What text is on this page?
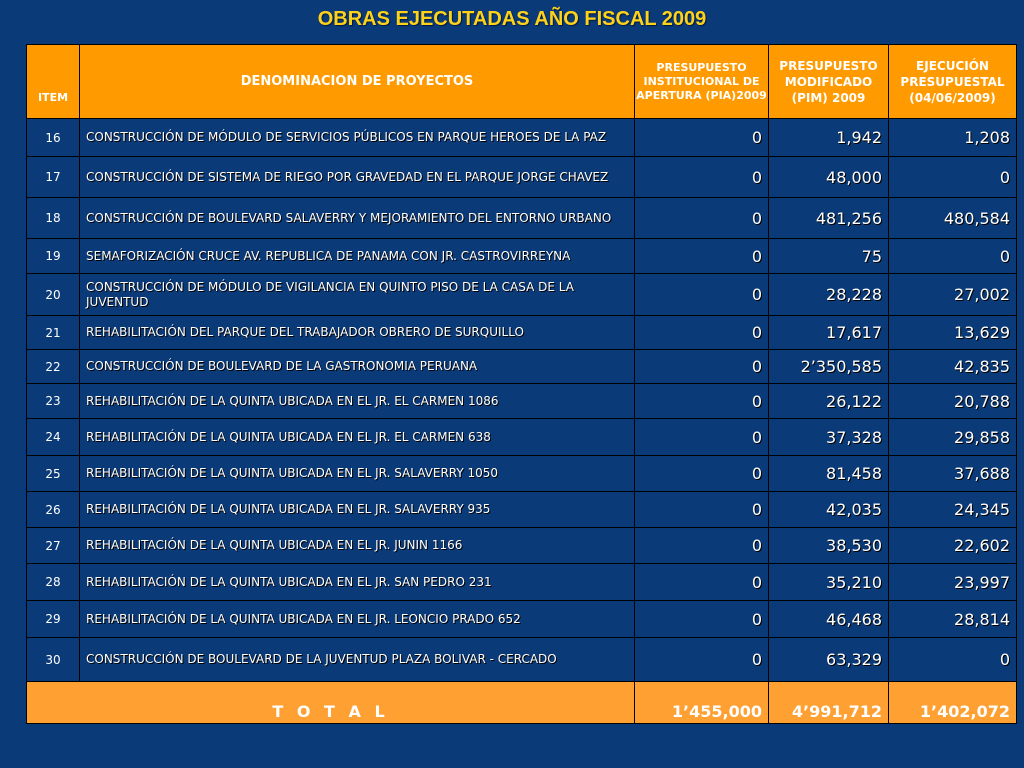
OBRAS EJECUTADAS AÑO FISCAL 2009
ITEM	DENOMINACION DE PROYECTOS	PRESUPUESTO INSTITUCIONAL DE APERTURA (PIA)2009	PRESUPUESTO MODIFICADO (PIM) 2009	EJECUCIÓN PRESUPUESTAL (04/06/2009)
16	CONSTRUCCIÓN DE MÓDULO DE SERVICIOS PÚBLICOS EN PARQUE HEROES DE LA PAZ	0	1,942	1,208
17	CONSTRUCCIÓN DE SISTEMA DE RIEGO POR GRAVEDAD EN EL PARQUE JORGE CHAVEZ	0	48,000	0
18	CONSTRUCCIÓN DE BOULEVARD SALAVERRY Y MEJORAMIENTO DEL ENTORNO URBANO	0	481,256	480,584
19	SEMAFORIZACIÓN CRUCE AV. REPUBLICA DE PANAMA CON JR. CASTROVIRREYNA	0	75	0
20	CONSTRUCCIÓN DE MÓDULO DE VIGILANCIA EN QUINTO PISO DE LA CASA DE LA JUVENTUD	0	28,228	27,002
21	REHABILITACIÓN DEL PARQUE DEL TRABAJADOR OBRERO DE SURQUILLO	0	17,617	13,629
22	CONSTRUCCIÓN DE BOULEVARD DE LA GASTRONOMIA PERUANA	0	2’350,585	42,835
23	REHABILITACIÓN DE LA QUINTA UBICADA EN EL JR. EL CARMEN 1086	0	26,122	20,788
24	REHABILITACIÓN DE LA QUINTA UBICADA EN EL JR. EL CARMEN 638	0	37,328	29,858
25	REHABILITACIÓN DE LA QUINTA UBICADA EN EL JR. SALAVERRY 1050	0	81,458	37,688
26	REHABILITACIÓN DE LA QUINTA UBICADA EN EL JR. SALAVERRY 935	0	42,035	24,345
27	REHABILITACIÓN DE LA QUINTA UBICADA EN EL JR. JUNIN 1166	0	38,530	22,602
28	REHABILITACIÓN DE LA QUINTA UBICADA EN EL JR. SAN PEDRO 231	0	35,210	23,997
29	REHABILITACIÓN DE LA QUINTA UBICADA EN EL JR. LEONCIO PRADO 652	0	46,468	28,814
30	CONSTRUCCIÓN DE BOULEVARD DE LA JUVENTUD PLAZA BOLIVAR - CERCADO	0	63,329	0
T O T A L		1’455,000	4’991,712	1’402,072
